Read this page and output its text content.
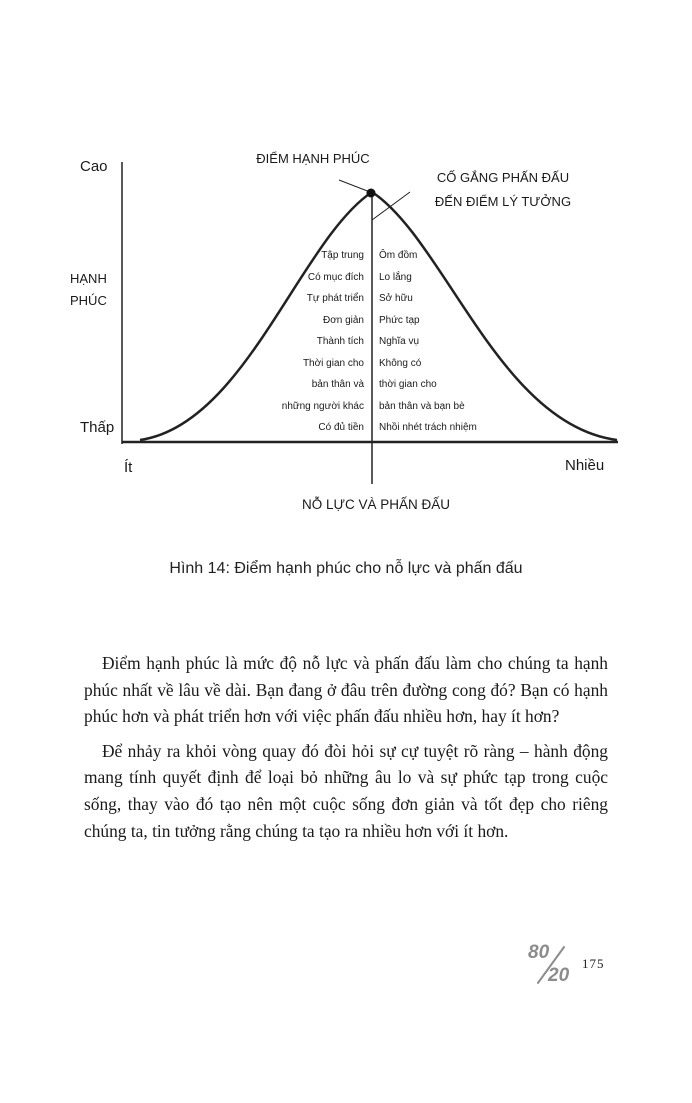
Cao
HẠNH
PHÚC
Thấp
Ít	Nhiều
NỖ LỰC VÀ PHẤN ĐẤU
ĐIỂM HẠNH PHÚC
CỐ GẮNG PHẤN ĐẤU
ĐẾN ĐIỂM LÝ TƯỞNG
Tập trung
Có mục đích
Tự phát triển
Đơn giản
Thành tích
Thời gian cho
bản thân và
những người khác
Có đủ tiền
Ôm đồm
Lo lắng
Sở hữu
Phức tạp
Nghĩa vụ
Không có
thời gian cho
bản thân và bạn bè
Nhồi nhét trách nhiệm
Hình 14: Điểm hạnh phúc cho nỗ lực và phấn đấu

Điểm hạnh phúc là mức độ nỗ lực và phấn đấu làm cho chúng ta hạnh phúc nhất về lâu về dài. Bạn đang ở đâu trên đường cong đó? Bạn có hạnh phúc hơn và phát triển hơn với việc phấn đấu nhiều hơn, hay ít hơn?

Để nhảy ra khỏi vòng quay đó đòi hỏi sự cự tuyệt rõ ràng – hành động mang tính quyết định để loại bỏ những âu lo và sự phức tạp trong cuộc sống, thay vào đó tạo nên một cuộc sống đơn giản và tốt đẹp cho riêng chúng ta, tin tưởng rằng chúng ta tạo ra nhiều hơn với ít hơn.

80
20
175
